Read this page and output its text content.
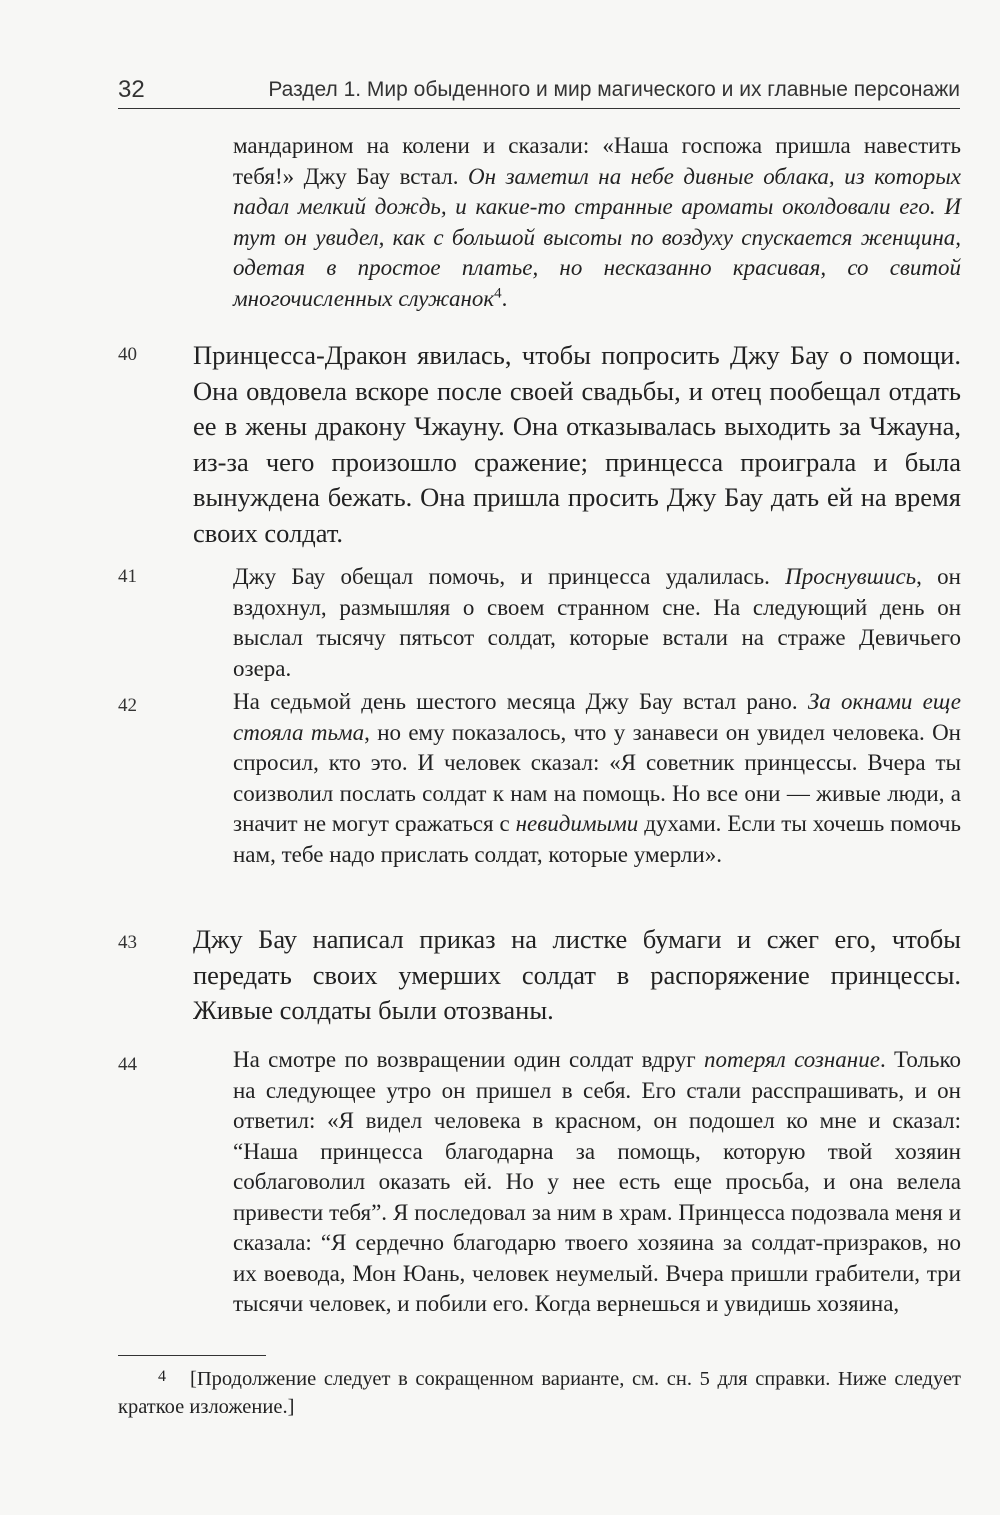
32	Раздел 1. Мир обыденного и мир магического и их главные персонажи
мандарином на колени и сказали: «Наша госпожа пришла навестить тебя!» Джу Бау встал. Он заметил на небе дивные облака, из которых падал мелкий дождь, и какие-то странные ароматы околдовали его. И тут он увидел, как с большой высоты по воздуху спускается женщина, одетая в простое платье, но несказанно красивая, со свитой многочисленных служанок$^4$.
40 Принцесса-Дракон явилась, чтобы попросить Джу Бау о помощи. Она овдовела вскоре после своей свадьбы, и отец пообещал отдать ее в жены дракону Чжауну. Она отказывалась выходить за Чжауна, из-за чего произошло сражение; принцесса проиграла и была вынуждена бежать. Она пришла просить Джу Бау дать ей на время своих солдат.
41	Джу Бау обещал помочь, и принцесса удалилась. Проснувшись, он вздохнул, размышляя о своем странном сне. На следующий день он выслал тысячу пятьсот солдат, которые встали на страже Девичьего озера.
42	На седьмой день шестого месяца Джу Бау встал рано. За окнами еще стояла тьма, но ему показалось, что у занавеси он увидел человека. Он спросил, кто это. И человек сказал: «Я советник принцессы. Вчера ты соизволил послать солдат к нам на помощь. Но все они — живые люди, а значит не могут сражаться с невидимыми духами. Если ты хочешь помочь нам, тебе надо прислать солдат, которые умерли».
43 Джу Бау написал приказ на листке бумаги и сжег его, чтобы передать своих умерших солдат в распоряжение принцессы. Живые солдаты были отозваны.
44	На смотре по возвращении один солдат вдруг потерял сознание. Только на следующее утро он пришел в себя. Его стали расспрашивать, и он ответил: «Я видел человека в красном, он подошел ко мне и сказал: “Наша принцесса благодарна за помощь, которую твой хозяин соблаговолил оказать ей. Но у нее есть еще просьба, и она велела привести тебя”. Я последовал за ним в храм. Принцесса подозвала меня и сказала: “Я сердечно благодарю твоего хозяина за солдат-призраков, но их воевода, Мон Юань, человек неумелый. Вчера пришли грабители, три тысячи человек, и побили его. Когда вернешься и увидишь хозяина,
4 [Продолжение следует в сокращенном варианте, см. сн. 5 для справки. Ниже следует краткое изложение.]
